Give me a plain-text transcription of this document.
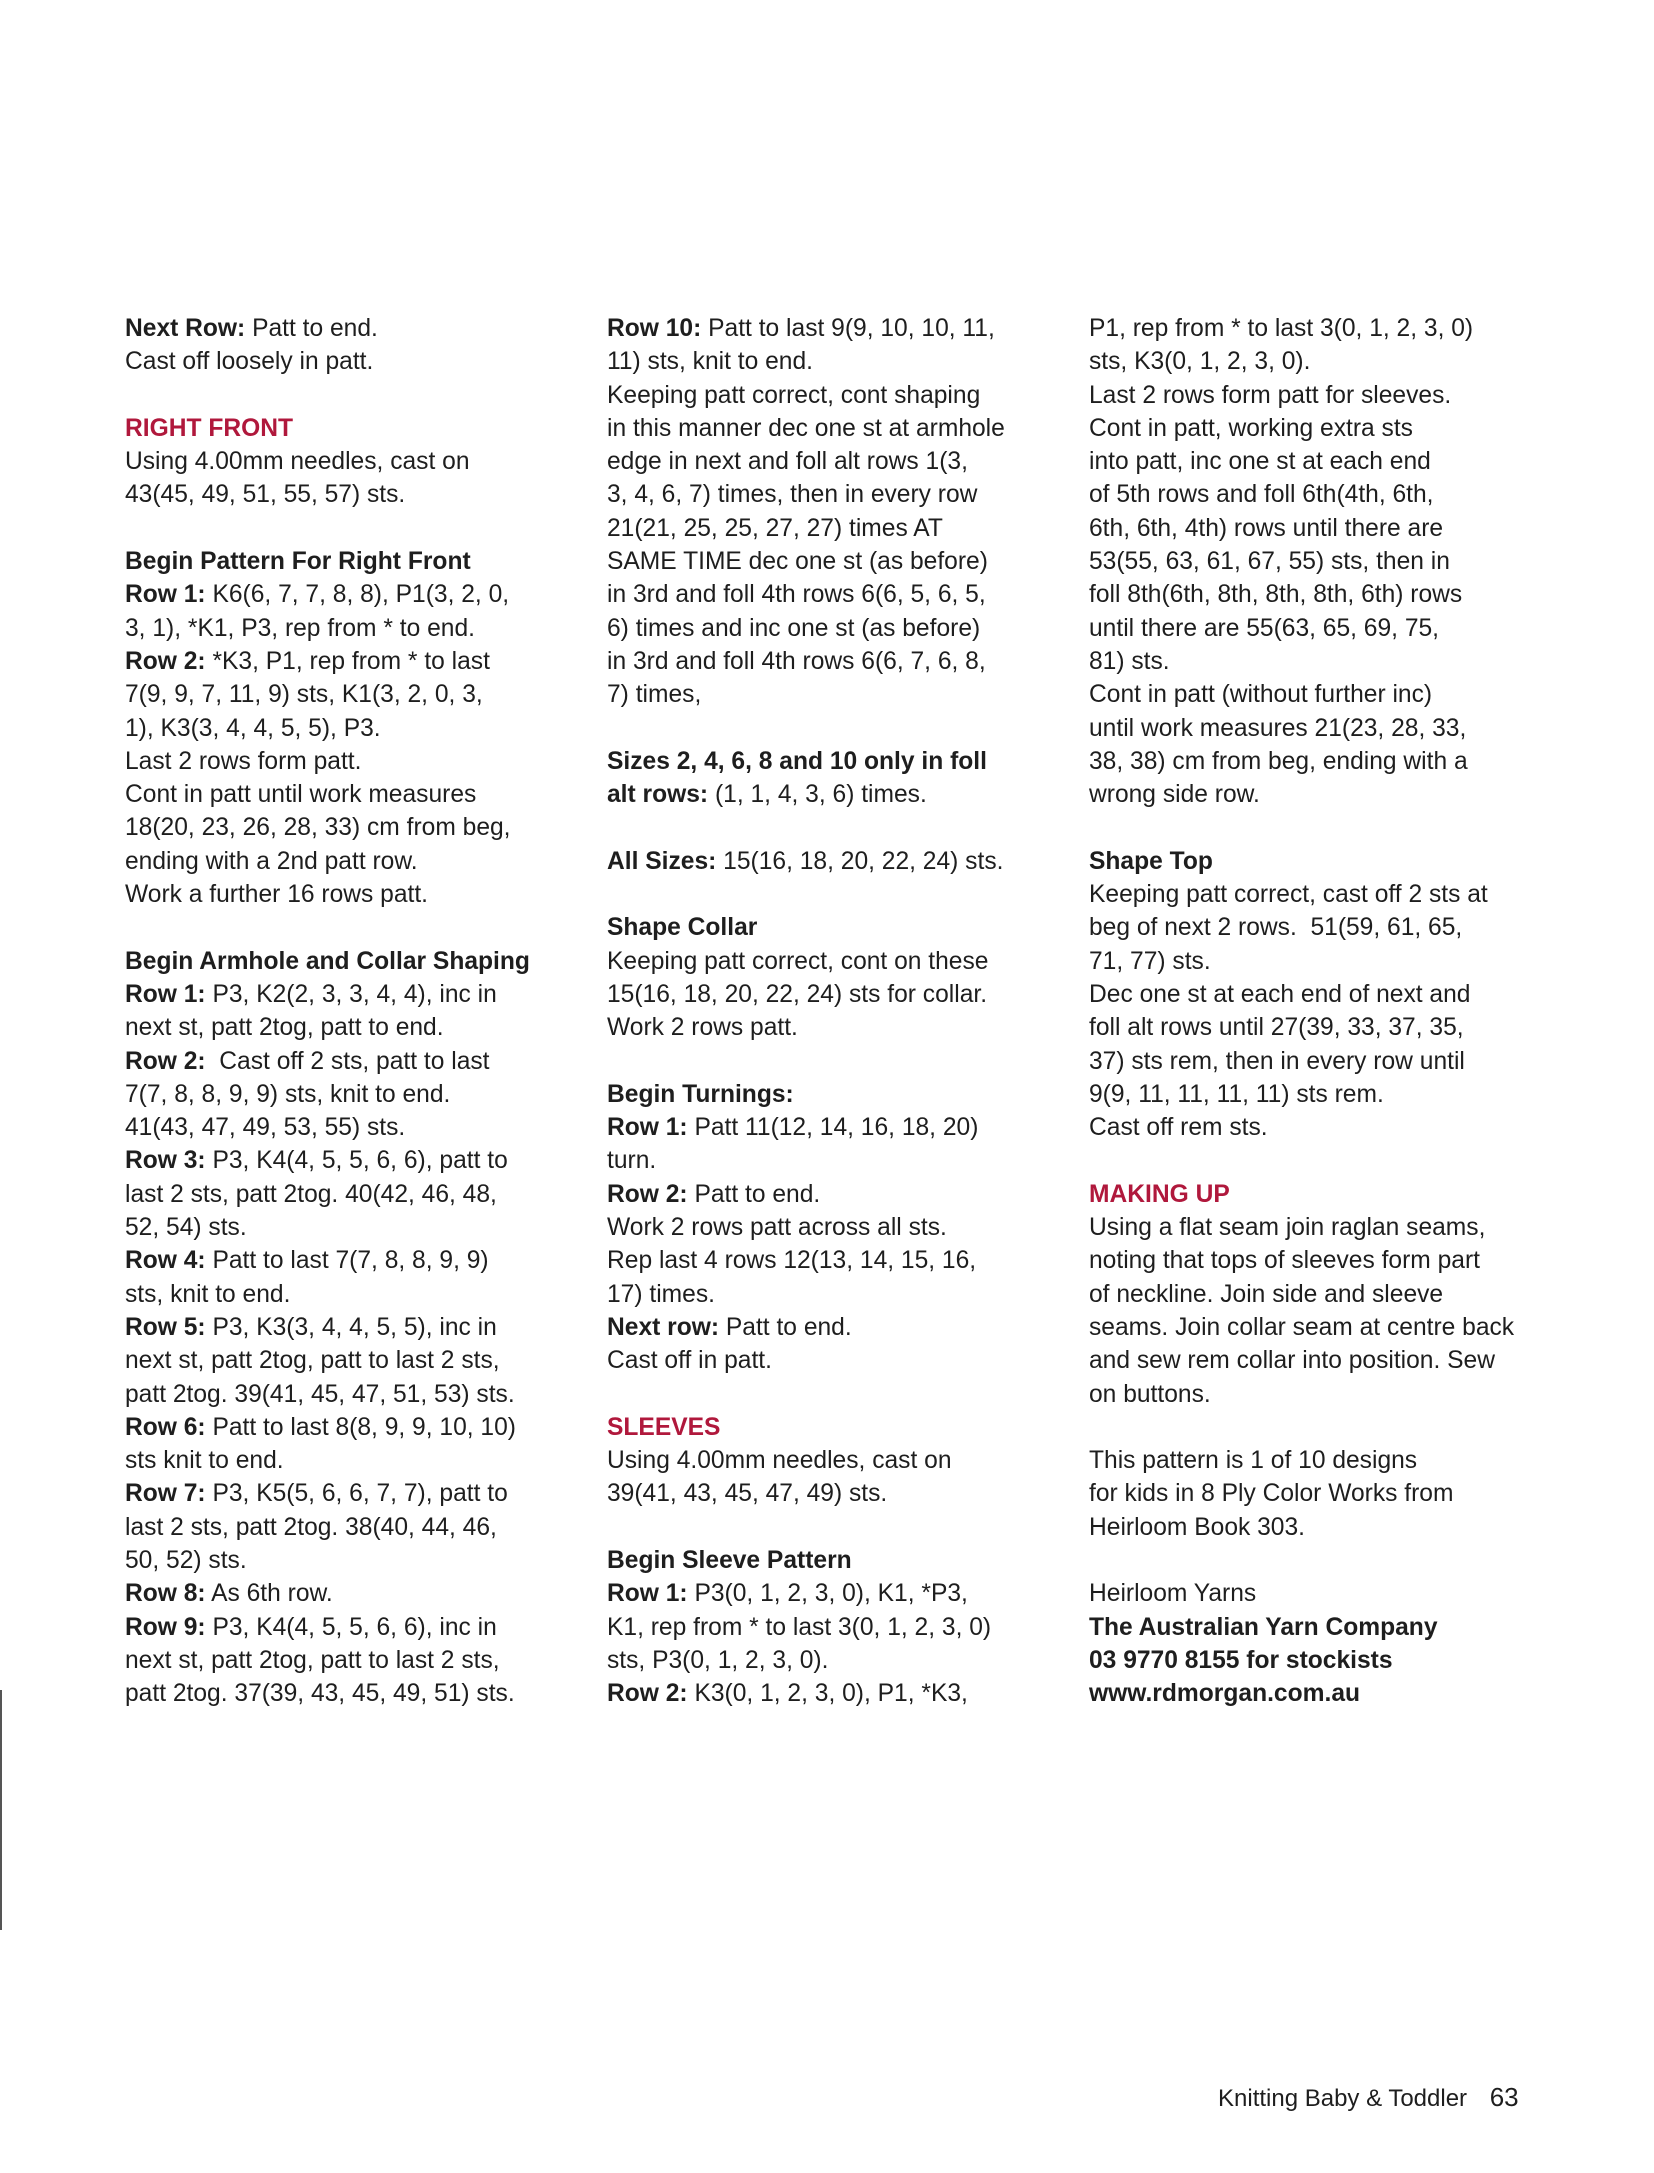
Next Row: Patt to end.
Cast off loosely in patt.
RIGHT FRONT
Using 4.00mm needles, cast on
43(45, 49, 51, 55, 57) sts.
Begin Pattern For Right Front
Row 1: K6(6, 7, 7, 8, 8), P1(3, 2, 0,
3, 1), *K1, P3, rep from * to end.
Row 2: *K3, P1, rep from * to last
7(9, 9, 7, 11, 9) sts, K1(3, 2, 0, 3,
1), K3(3, 4, 4, 5, 5), P3.
Last 2 rows form patt.
Cont in patt until work measures
18(20, 23, 26, 28, 33) cm from beg,
ending with a 2nd patt row.
Work a further 16 rows patt.
Begin Armhole and Collar Shaping
Row 1: P3, K2(2, 3, 3, 4, 4), inc in
next st, patt 2tog, patt to end.
Row 2:  Cast off 2 sts, patt to last
7(7, 8, 8, 9, 9) sts, knit to end.
41(43, 47, 49, 53, 55) sts.
Row 3: P3, K4(4, 5, 5, 6, 6), patt to
last 2 sts, patt 2tog. 40(42, 46, 48,
52, 54) sts.
Row 4: Patt to last 7(7, 8, 8, 9, 9)
sts, knit to end.
Row 5: P3, K3(3, 4, 4, 5, 5), inc in
next st, patt 2tog, patt to last 2 sts,
patt 2tog. 39(41, 45, 47, 51, 53) sts.
Row 6: Patt to last 8(8, 9, 9, 10, 10)
sts knit to end.
Row 7: P3, K5(5, 6, 6, 7, 7), patt to
last 2 sts, patt 2tog. 38(40, 44, 46,
50, 52) sts.
Row 8: As 6th row.
Row 9: P3, K4(4, 5, 5, 6, 6), inc in
next st, patt 2tog, patt to last 2 sts,
patt 2tog. 37(39, 43, 45, 49, 51) sts.
Row 10: Patt to last 9(9, 10, 10, 11,
11) sts, knit to end.
Keeping patt correct, cont shaping
in this manner dec one st at armhole
edge in next and foll alt rows 1(3,
3, 4, 6, 7) times, then in every row
21(21, 25, 25, 27, 27) times AT
SAME TIME dec one st (as before)
in 3rd and foll 4th rows 6(6, 5, 6, 5,
6) times and inc one st (as before)
in 3rd and foll 4th rows 6(6, 7, 6, 8,
7) times,
Sizes 2, 4, 6, 8 and 10 only in foll
alt rows: (1, 1, 4, 3, 6) times.
All Sizes: 15(16, 18, 20, 22, 24) sts.
Shape Collar
Keeping patt correct, cont on these
15(16, 18, 20, 22, 24) sts for collar.
Work 2 rows patt.
Begin Turnings:
Row 1: Patt 11(12, 14, 16, 18, 20)
turn.
Row 2: Patt to end.
Work 2 rows patt across all sts.
Rep last 4 rows 12(13, 14, 15, 16,
17) times.
Next row: Patt to end.
Cast off in patt.
SLEEVES
Using 4.00mm needles, cast on
39(41, 43, 45, 47, 49) sts.
Begin Sleeve Pattern
Row 1: P3(0, 1, 2, 3, 0), K1, *P3,
K1, rep from * to last 3(0, 1, 2, 3, 0)
sts, P3(0, 1, 2, 3, 0).
Row 2: K3(0, 1, 2, 3, 0), P1, *K3,
P1, rep from * to last 3(0, 1, 2, 3, 0)
sts, K3(0, 1, 2, 3, 0).
Last 2 rows form patt for sleeves.
Cont in patt, working extra sts
into patt, inc one st at each end
of 5th rows and foll 6th(4th, 6th,
6th, 6th, 4th) rows until there are
53(55, 63, 61, 67, 55) sts, then in
foll 8th(6th, 8th, 8th, 8th, 6th) rows
until there are 55(63, 65, 69, 75,
81) sts.
Cont in patt (without further inc)
until work measures 21(23, 28, 33,
38, 38) cm from beg, ending with a
wrong side row.
Shape Top
Keeping patt correct, cast off 2 sts at
beg of next 2 rows.  51(59, 61, 65,
71, 77) sts.
Dec one st at each end of next and
foll alt rows until 27(39, 33, 37, 35,
37) sts rem, then in every row until
9(9, 11, 11, 11, 11) sts rem.
Cast off rem sts.
MAKING UP
Using a flat seam join raglan seams,
noting that tops of sleeves form part
of neckline. Join side and sleeve
seams. Join collar seam at centre back
and sew rem collar into position. Sew
on buttons.
This pattern is 1 of 10 designs
for kids in 8 Ply Color Works from
Heirloom Book 303.
Heirloom Yarns
The Australian Yarn Company
03 9770 8155 for stockists
www.rdmorgan.com.au
Knitting Baby & Toddler 63
